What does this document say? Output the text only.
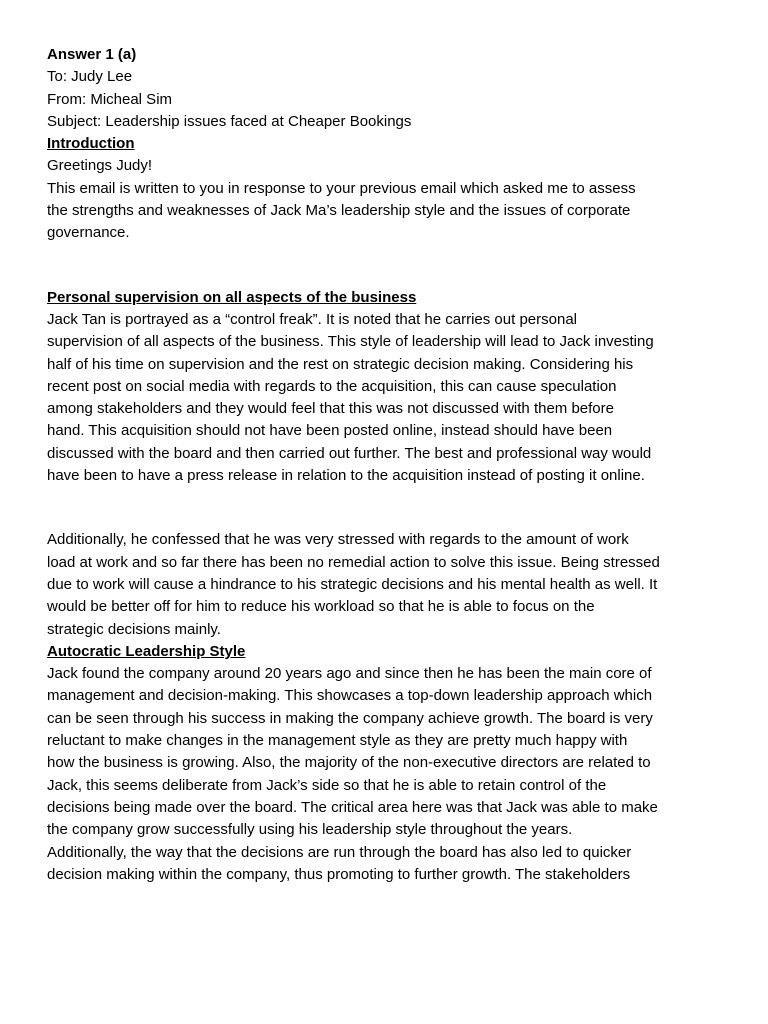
Answer 1 (a)
To: Judy Lee
From: Micheal Sim
Subject: Leadership issues faced at Cheaper Bookings
Introduction
Greetings Judy!
This email is written to you in response to your previous email which asked me to assess
the strengths and weaknesses of Jack Ma’s leadership style and the issues of corporate
governance.
Personal supervision on all aspects of the business
Jack Tan is portrayed as a “control freak”. It is noted that he carries out personal
supervision of all aspects of the business. This style of leadership will lead to Jack investing
half of his time on supervision and the rest on strategic decision making. Considering his
recent post on social media with regards to the acquisition, this can cause speculation
among stakeholders and they would feel that this was not discussed with them before
hand. This acquisition should not have been posted online, instead should have been
discussed with the board and then carried out further. The best and professional way would
have been to have a press release in relation to the acquisition instead of posting it online.
Additionally, he confessed that he was very stressed with regards to the amount of work
load at work and so far there has been no remedial action to solve this issue. Being stressed
due to work will cause a hindrance to his strategic decisions and his mental health as well. It
would be better off for him to reduce his workload so that he is able to focus on the
strategic decisions mainly.
Autocratic Leadership Style
Jack found the company around 20 years ago and since then he has been the main core of
management and decision-making. This showcases a top-down leadership approach which
can be seen through his success in making the company achieve growth. The board is very
reluctant to make changes in the management style as they are pretty much happy with
how the business is growing. Also, the majority of the non-executive directors are related to
Jack, this seems deliberate from Jack’s side so that he is able to retain control of the
decisions being made over the board. The critical area here was that Jack was able to make
the company grow successfully using his leadership style throughout the years.
Additionally, the way that the decisions are run through the board has also led to quicker
decision making within the company, thus promoting to further growth. The stakeholders
